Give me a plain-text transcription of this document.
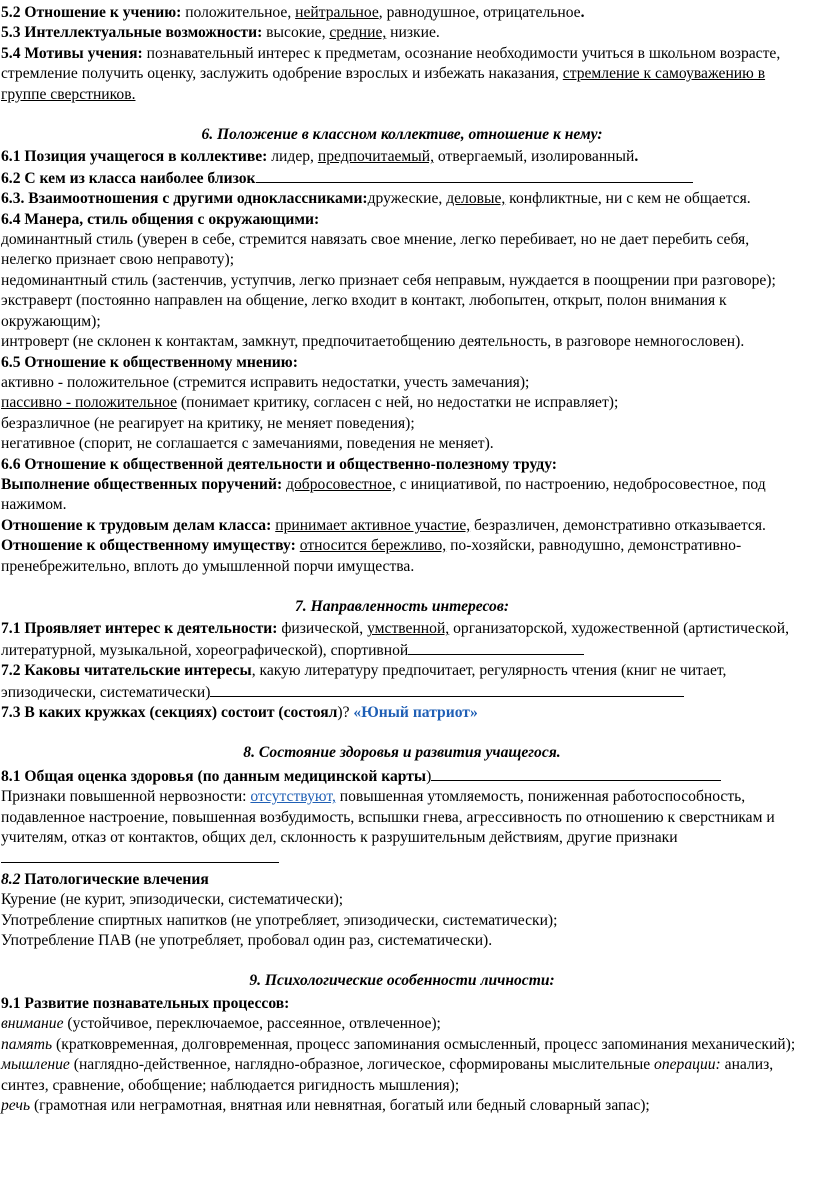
5.2 Отношение к учению: положительное, нейтральное, равнодушное, отрицательное.

5.3 Интеллектуальные возможности: высокие, средние, низкие.

5.4 Мотивы учения: познавательный интерес к предметам, осознание необходимости учиться в школьном возрасте, стремление получить оценку, заслужить одобрение взрослых и избежать наказания, стремление к самоуважению в группе сверстников.

6. Положение в классном коллективе, отношение к нему:

6.1 Позиция учащегося в коллективе: лидер, предпочитаемый, отвергаемый, изолированный.

6.2 С кем из класса наиболее близок

6.3. Взаимоотношения с другими одноклассниками:дружеские, деловые, конфликтные, ни с кем не общается.

6.4 Манера, стиль общения с окружающими:

доминантный стиль (уверен в себе, стремится навязать свое мнение, легко перебивает, но не дает перебить себя, нелегко признает свою неправоту);

недоминантный стиль (застенчив, уступчив, легко признает себя неправым, нуждается в поощрении при разговоре);

экстраверт (постоянно направлен на общение, легко входит в контакт, любопытен, открыт, полон внимания к окружающим);

интроверт (не склонен к контактам, замкнут, предпочитаетобщению деятельность, в разговоре немногословен).

6.5 Отношение к общественному мнению:

активно - положительное (стремится исправить недостатки, учесть замечания);

пассивно - положительное (понимает критику, согласен с ней, но недостатки не исправляет);

безразличное (не реагирует на критику, не меняет поведения);

негативное (спорит, не соглашается с замечаниями, поведения не меняет).

6.6 Отношение к общественной деятельности и общественно-полезному труду:

Выполнение общественных поручений: добросовестное, с инициативой, по настроению, недобросовестное, под нажимом.

Отношение к трудовым делам класса: принимает активное участие, безразличен, демонстративно отказывается.

Отношение к общественному имуществу: относится бережливо, по-хозяйски, равнодушно, демонстративно-пренебрежительно, вплоть до умышленной порчи имущества.

7. Направленность интересов:

7.1 Проявляет интерес к деятельности: физической, умственной, организаторской, художественной (артистической, литературной, музыкальной, хореографической), спортивной

7.2 Каковы читательские интересы, какую литературу предпочитает, регулярность чтения (книг не читает, эпизодически, систематически)

7.3 В каких кружках (секциях) состоит (состоял)? «Юный патриот»

8. Состояние здоровья и развития учащегося.

8.1 Общая оценка здоровья (по данным медицинской карты)

Признаки повышенной нервозности: отсутствуют, повышенная утомляемость, пониженная работоспособность, подавленное настроение, повышенная возбудимость, вспышки гнева, агрессивность по отношению к сверстникам и учителям, отказ от контактов, общих дел, склонность к разрушительным действиям, другие признаки

8.2 Патологические влечения

Курение (не курит, эпизодически, систематически);

Употребление спиртных напитков (не употребляет, эпизодически, систематически);

Употребление ПАВ (не употребляет, пробовал один раз, систематически).

9. Психологические особенности личности:

9.1 Развитие познавательных процессов:

внимание (устойчивое, переключаемое, рассеянное, отвлеченное);

память (кратковременная, долговременная, процесс запоминания осмысленный, процесс запоминания механический);

мышление (наглядно-действенное, наглядно-образное, логическое, сформированы мыслительные операции: анализ, синтез, сравнение, обобщение; наблюдается ригидность мышления);

речь (грамотная или неграмотная, внятная или невнятная, богатый или бедный словарный запас);
